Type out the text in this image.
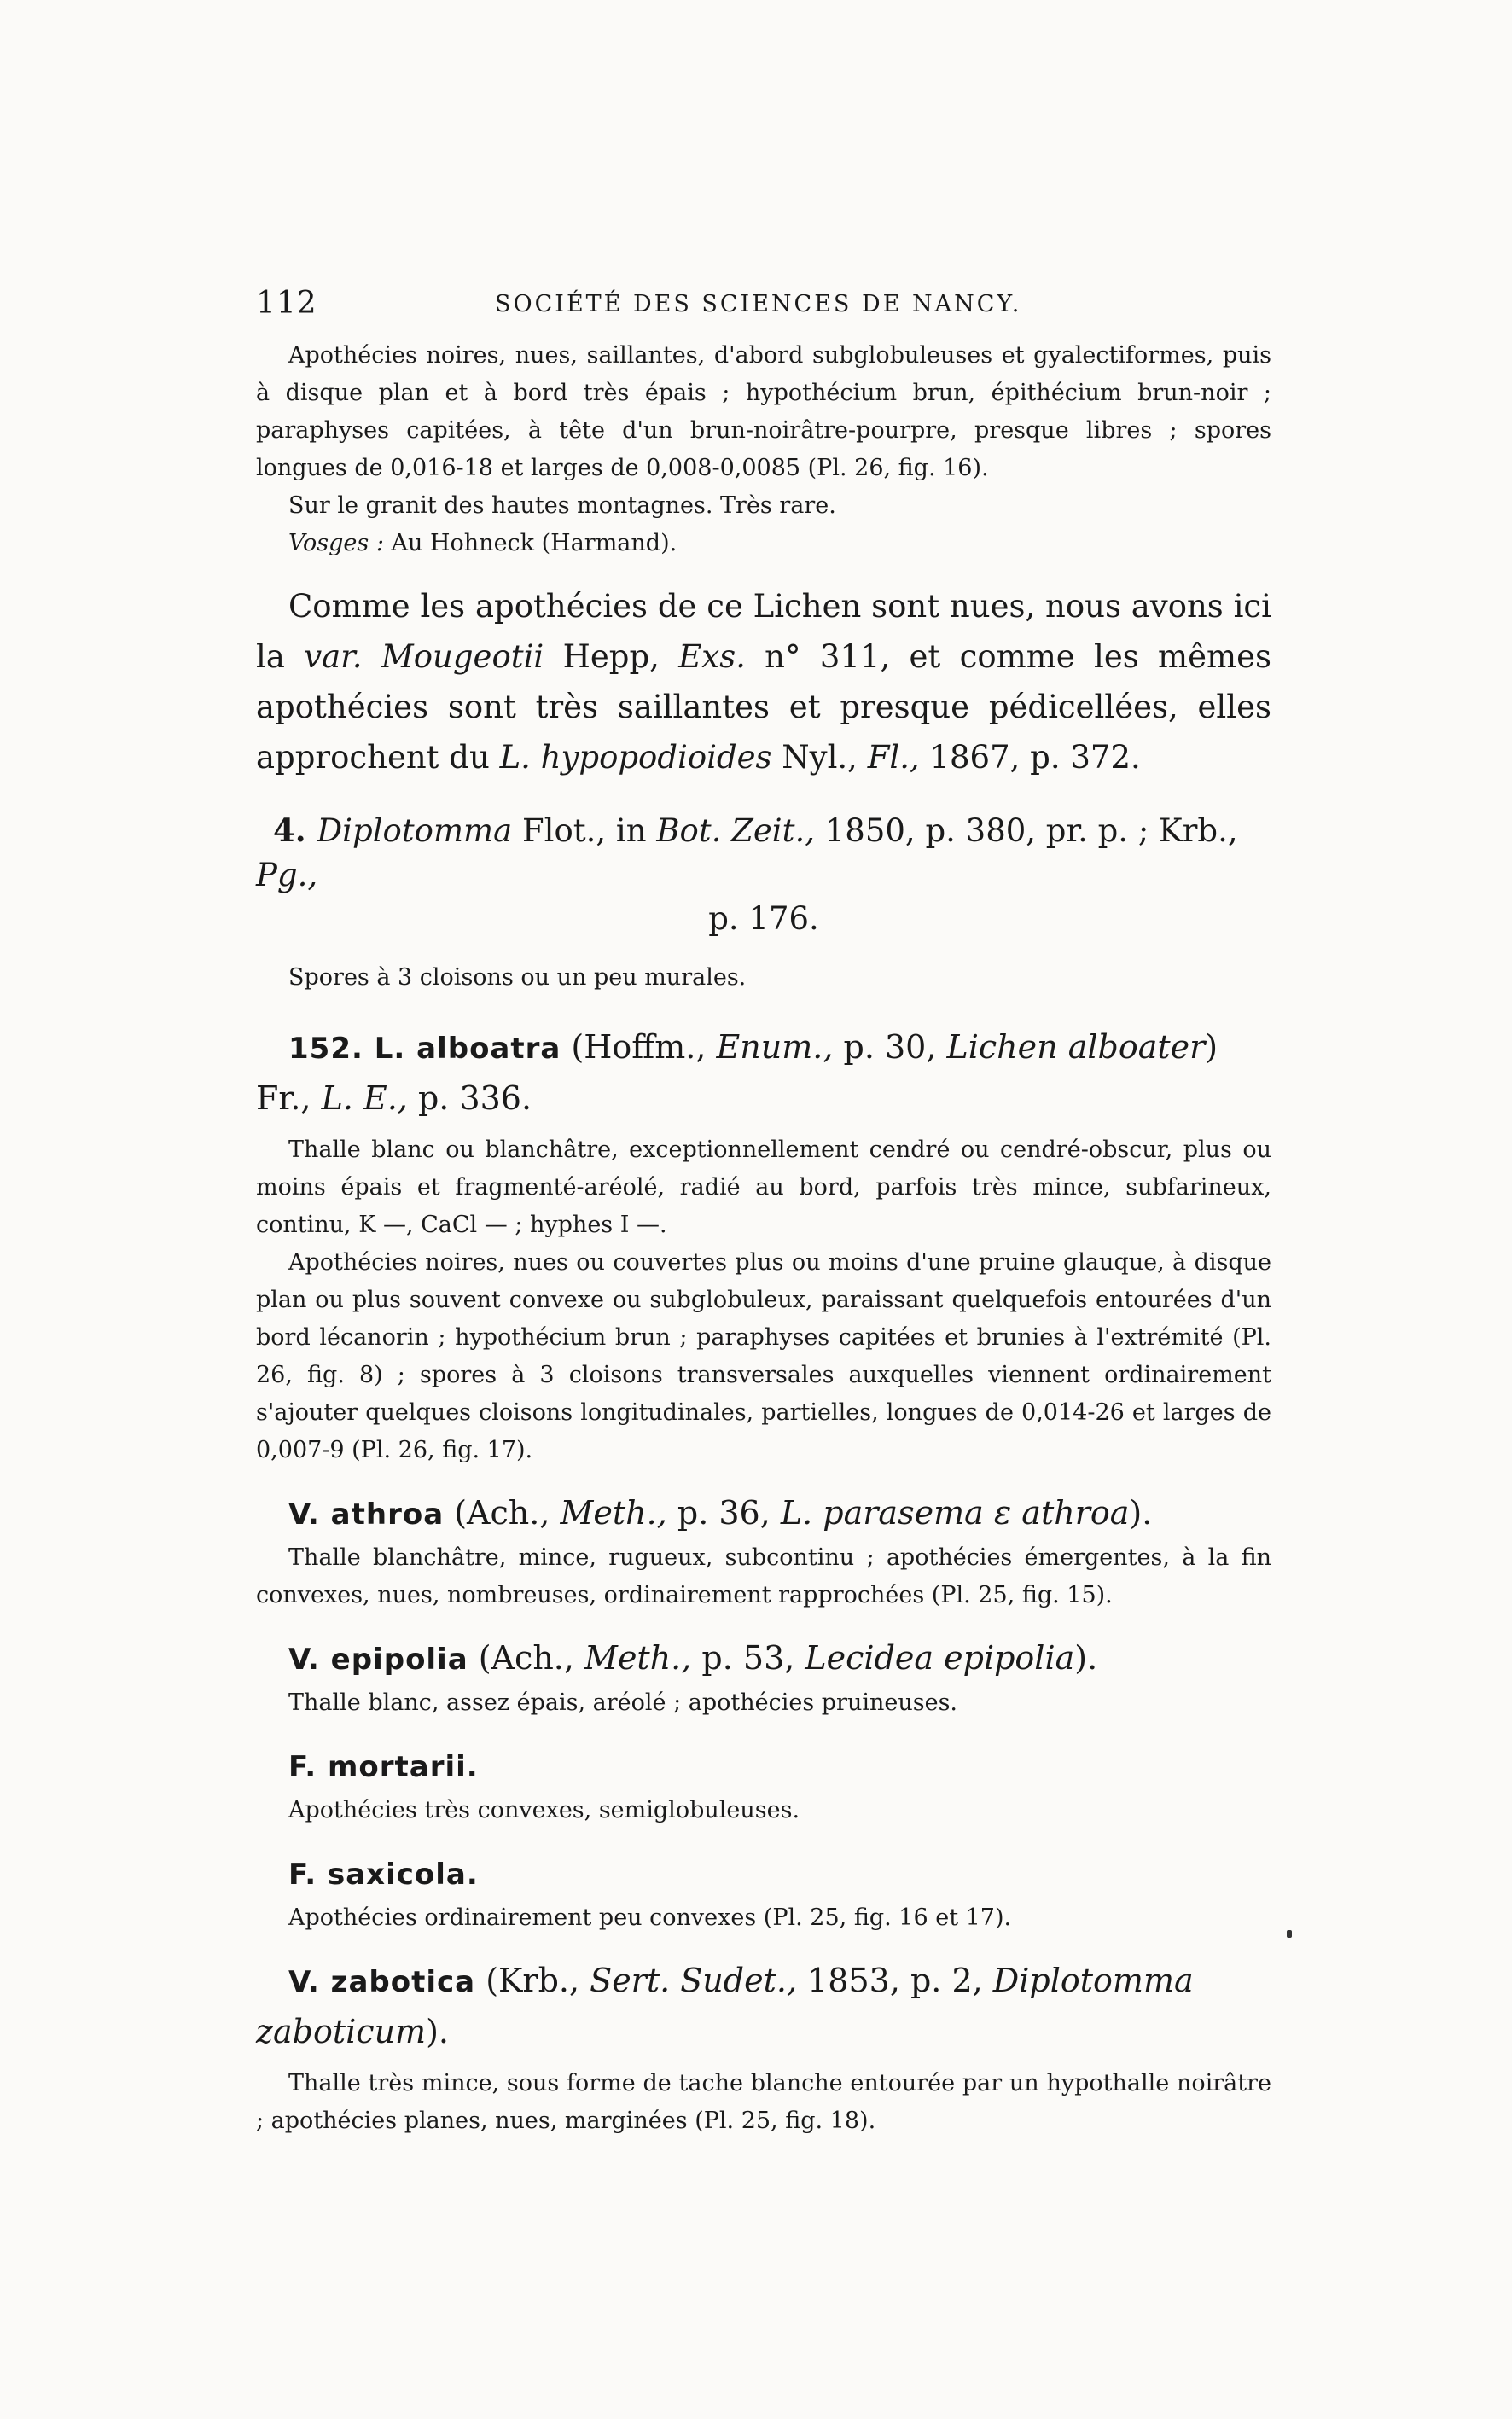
112	SOCIÉTÉ DES SCIENCES DE NANCY.

Apothécies noires, nues, saillantes, d'abord subglobuleuses et gyalectiformes, puis à disque plan et à bord très épais ; hypothécium brun, épithécium brun-noir ; paraphyses capitées, à tête d'un brun-noirâtre-pourpre, presque libres ; spores longues de 0,016-18 et larges de 0,008-0,0085 (Pl. 26, fig. 16).

Sur le granit des hautes montagnes. Très rare.

Vosges : Au Hohneck (Harmand).

Comme les apothécies de ce Lichen sont nues, nous avons ici la var. Mougeotii Hepp, Exs. n° 311, et comme les mêmes apothécies sont très saillantes et presque pédicellées, elles approchent du L. hypopodioides Nyl., Fl., 1867, p. 372.

4. Diplotomma Flot., in Bot. Zeit., 1850, p. 380, pr. p. ; Krb., Pg.,

p. 176.

Spores à 3 cloisons ou un peu murales.

152. L. alboatra (Hoffm., Enum., p. 30, Lichen alboater) Fr., L. E., p. 336.

Thalle blanc ou blanchâtre, exceptionnellement cendré ou cendré-obscur, plus ou moins épais et fragmenté-aréolé, radié au bord, parfois très mince, subfarineux, continu, K —, CaCl — ; hyphes I —.

Apothécies noires, nues ou couvertes plus ou moins d'une pruine glauque, à disque plan ou plus souvent convexe ou subglobuleux, paraissant quelquefois entourées d'un bord lécanorin ; hypothécium brun ; paraphyses capitées et brunies à l'extrémité (Pl. 26, fig. 8) ; spores à 3 cloisons transversales auxquelles viennent ordinairement s'ajouter quelques cloisons longitudinales, partielles, longues de 0,014-26 et larges de 0,007-9 (Pl. 26, fig. 17).

V. athroa (Ach., Meth., p. 36, L. parasema ε athroa).

Thalle blanchâtre, mince, rugueux, subcontinu ; apothécies émergentes, à la fin convexes, nues, nombreuses, ordinairement rapprochées (Pl. 25, fig. 15).

V. epipolia (Ach., Meth., p. 53, Lecidea epipolia).

Thalle blanc, assez épais, aréolé ; apothécies pruineuses.

F. mortarii.

Apothécies très convexes, semiglobuleuses.

F. saxicola.

Apothécies ordinairement peu convexes (Pl. 25, fig. 16 et 17).

V. zabotica (Krb., Sert. Sudet., 1853, p. 2, Diplotomma zaboticum).

Thalle très mince, sous forme de tache blanche entourée par un hypothalle noirâtre ; apothécies planes, nues, marginées (Pl. 25, fig. 18).
